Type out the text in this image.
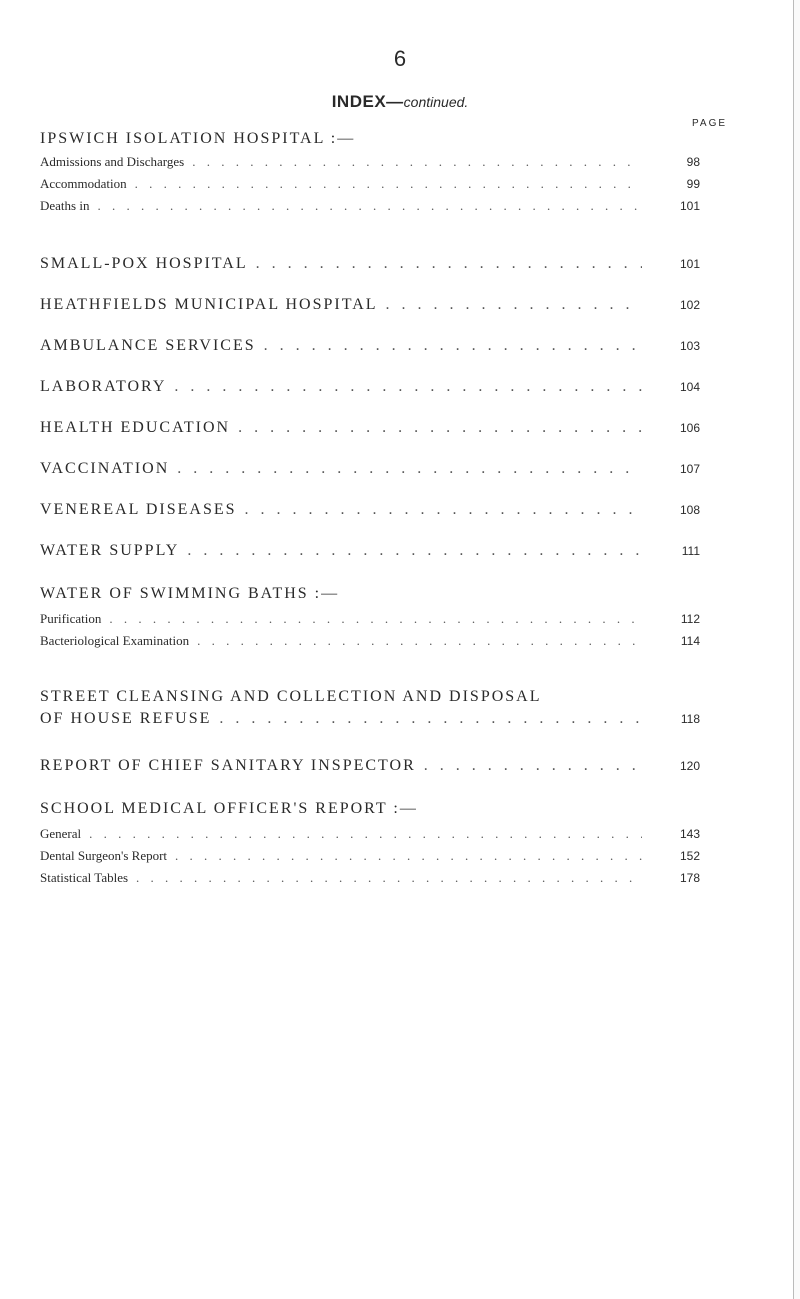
6
INDEX—continued.
PAGE
IPSWICH ISOLATION HOSPITAL :—
Admissions and Discharges . . .	98
Accommodation . . .	99
Deaths in . . .	101
SMALL-POX HOSPITAL . . .	101
HEATHFIELDS MUNICIPAL HOSPITAL . . .	102
AMBULANCE SERVICES . . .	103
LABORATORY . . .	104
HEALTH EDUCATION . . .	106
VACCINATION . . .	107
VENEREAL DISEASES . . .	108
WATER SUPPLY . . .	111
WATER OF SWIMMING BATHS :—
Purification . . .	112
Bacteriological Examination . . .	114
STREET CLEANSING AND COLLECTION AND DISPOSAL
OF HOUSE REFUSE . . .	118
REPORT OF CHIEF SANITARY INSPECTOR . . .	120
SCHOOL MEDICAL OFFICER'S REPORT :—
General . . .	143
Dental Surgeon's Report . . .	152
Statistical Tables . . .	178
